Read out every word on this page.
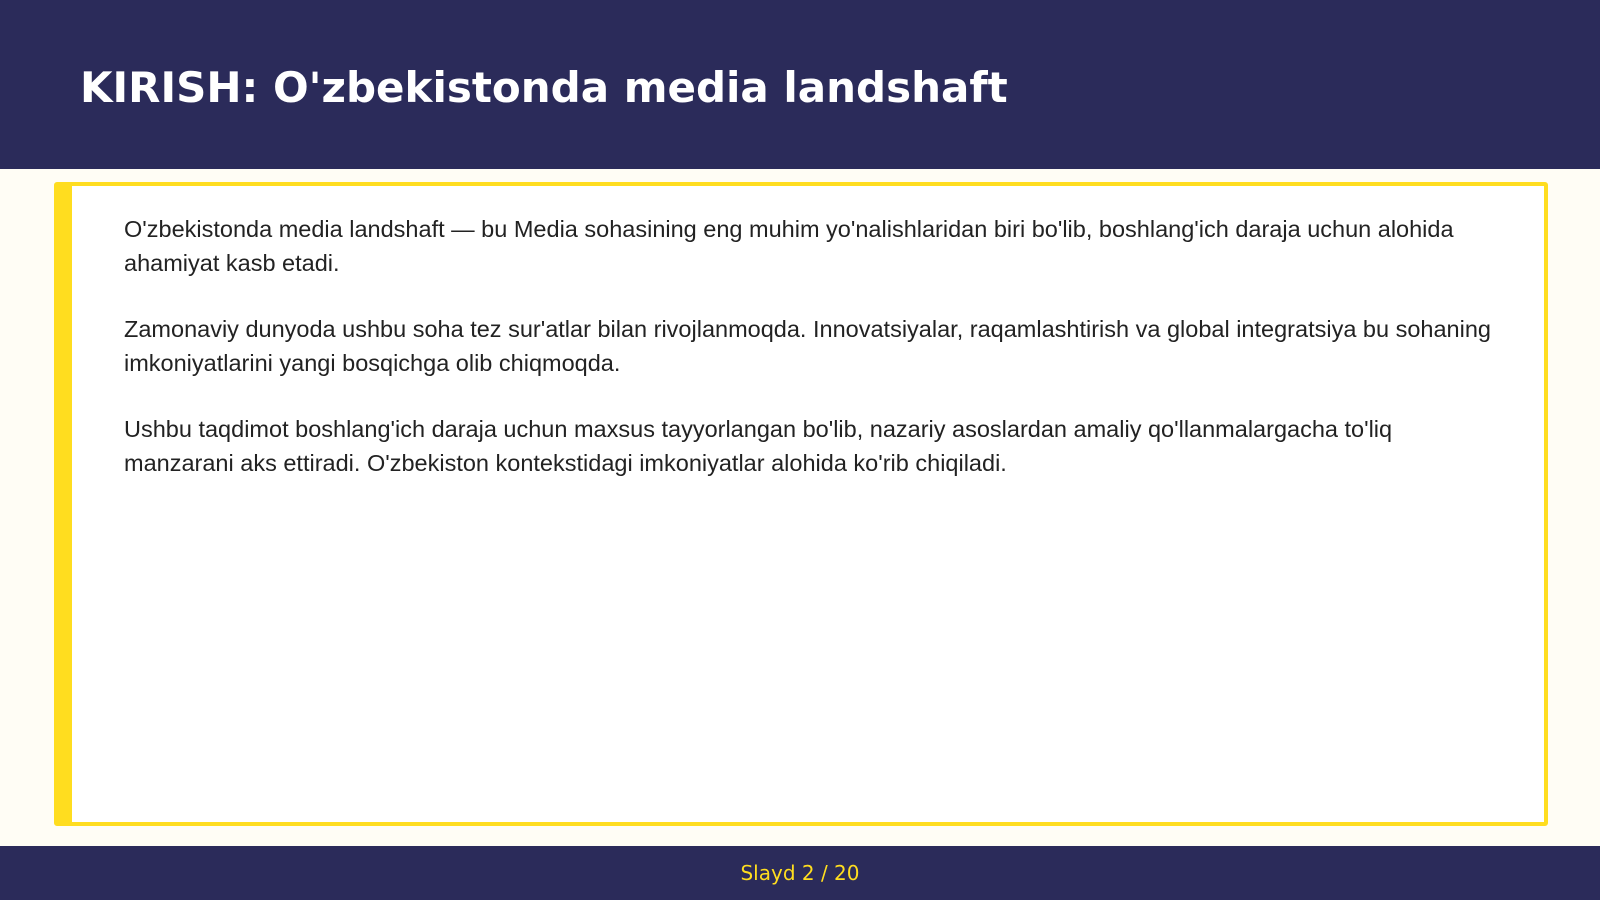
KIRISH: O'zbekistonda media landshaft

O'zbekistonda media landshaft — bu Media sohasining eng muhim yo'nalishlaridan biri bo'lib, boshlang'ich daraja uchun alohida ahamiyat kasb etadi.

Zamonaviy dunyoda ushbu soha tez sur'atlar bilan rivojlanmoqda. Innovatsiyalar, raqamlashtirish va global integratsiya bu sohaning imkoniyatlarini yangi bosqichga olib chiqmoqda.

Ushbu taqdimot boshlang'ich daraja uchun maxsus tayyorlangan bo'lib, nazariy asoslardan amaliy qo'llanmalargacha to'liq manzarani aks ettiradi. O'zbekiston kontekstidagi imkoniyatlar alohida ko'rib chiqiladi.

Slayd 2 / 20
